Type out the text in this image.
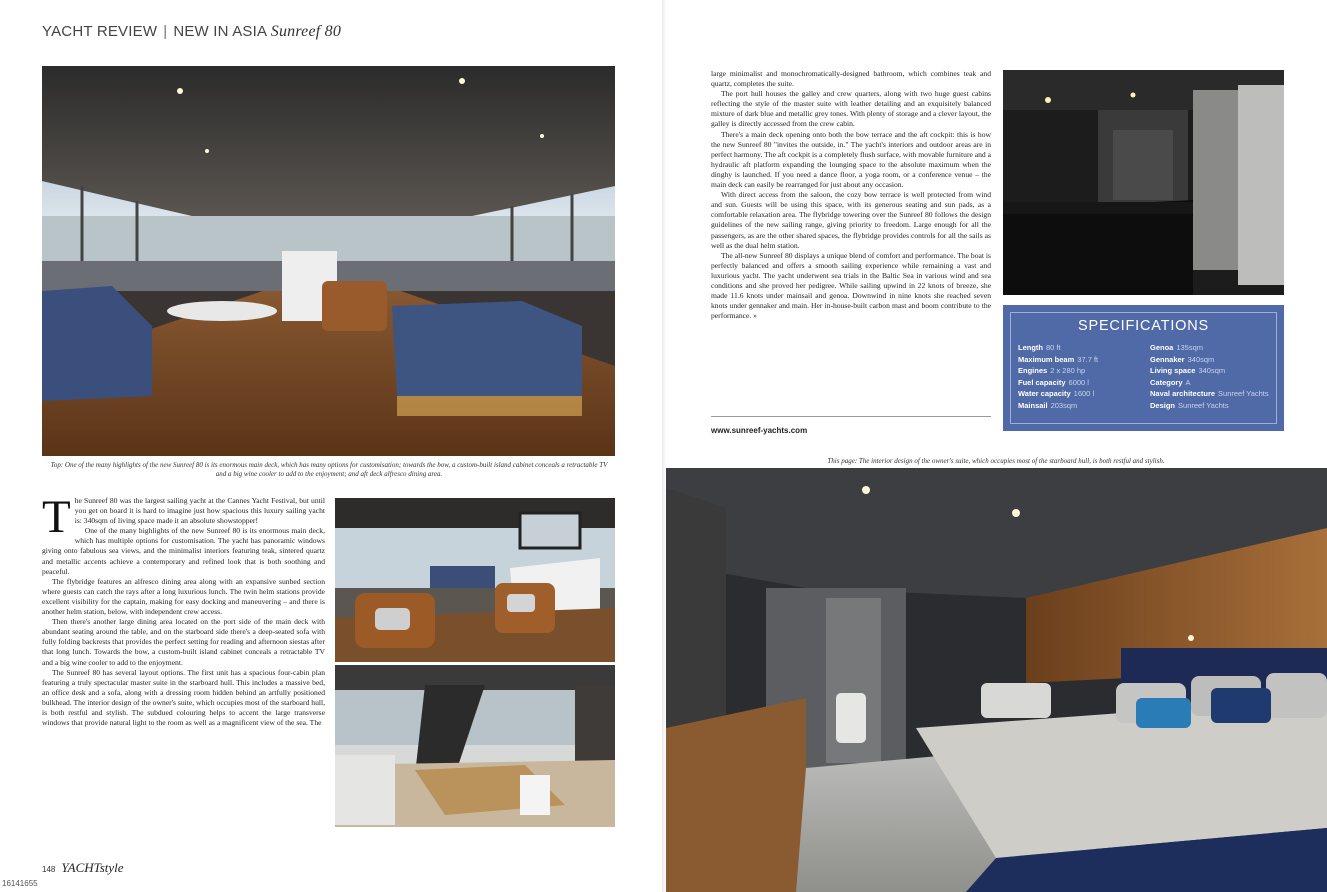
YACHT REVIEW | NEW IN ASIA Sunreef 80
Top: One of the many highlights of the new Sunreef 80 is its enormous main deck, which has many options for customisation; towards the bow, a custom-built island cabinet conceals a retractable TV and a big wine cooler to add to the enjoyment; and aft deck alfresco dining area.

The Sunreef 80 was the largest sailing yacht at the Cannes Yacht Festival, but until you get on board it is hard to imagine just how spacious this luxury sailing yacht is: 340sqm of living space made it an absolute showstopper!

One of the many highlights of the new Sunreef 80 is its enormous main deck, which has multiple options for customisation. The yacht has panoramic windows giving onto fabulous sea views, and the minimalist interiors featuring teak, sintered quartz and metallic accents achieve a contemporary and refined look that is both soothing and peaceful.

The flybridge features an alfresco dining area along with an expansive sunbed section where guests can catch the rays after a long luxurious lunch. The twin helm stations provide excellent visibility for the captain, making for easy docking and maneuvering – and there is another helm station, below, with independent crew access.

Then there's another large dining area located on the port side of the main deck with abundant seating around the table, and on the starboard side there's a deep-seated sofa with fully folding backrests that provides the perfect setting for reading and afternoon siestas after that long lunch. Towards the bow, a custom-built island cabinet conceals a retractable TV and a big wine cooler to add to the enjoyment.

The Sunreef 80 has several layout options. The first unit has a spacious four-cabin plan featuring a truly spectacular master suite in the starboard hull. This includes a massive bed, an office desk and a sofa, along with a dressing room hidden behind an artfully positioned bulkhead. The interior design of the owner's suite, which occupies most of the starboard hull, is both restful and stylish. The subdued colouring helps to accent the large transverse windows that provide natural light to the room as well as a magnificent view of the sea. The

148 YACHTstyle
16141655

large minimalist and monochromatically-designed bathroom, which combines teak and quartz, completes the suite.

The port hull houses the galley and crew quarters, along with two huge guest cabins reflecting the style of the master suite with leather detailing and an exquisitely balanced mixture of dark blue and metallic grey tones. With plenty of storage and a clever layout, the galley is directly accessed from the crew cabin.

There's a main deck opening onto both the bow terrace and the aft cockpit: this is how the new Sunreef 80 "invites the outside, in." The yacht's interiors and outdoor areas are in perfect harmony. The aft cockpit is a completely flush surface, with movable furniture and a hydraulic aft platform expanding the lounging space to the absolute maximum when the dinghy is launched. If you need a dance floor, a yoga room, or a conference venue – the main deck can easily be rearranged for just about any occasion.

With direct access from the saloon, the cozy bow terrace is well protected from wind and sun. Guests will be using this space, with its generous seating and sun pads, as a comfortable relaxation area. The flybridge towering over the Sunreef 80 follows the design guidelines of the new sailing range, giving priority to freedom. Large enough for all the passengers, as are the other shared spaces, the flybridge provides controls for all the sails as well as the dual helm station.

The all-new Sunreef 80 displays a unique blend of comfort and performance. The boat is perfectly balanced and offers a smooth sailing experience while remaining a vast and luxurious yacht. The yacht underwent sea trials in the Baltic Sea in various wind and sea conditions and she proved her pedigree. While sailing upwind in 22 knots of breeze, she made 11.6 knots under mainsail and genoa. Downwind in nine knots she reached seven knots under gennaker and main. Her in-house-built carbon mast and boom contribute to the performance. »

www.sunreef-yachts.com
SPECIFICATIONS
Length 80 ft
Maximum beam 37.7 ft
Engines 2 x 280 hp
Fuel capacity 6000 l
Water capacity 1600 l
Mainsail 203sqm
Genoa 135sqm
Gennaker 340sqm
Living space 340sqm
Category A
Naval architecture Sunreef Yachts
Design Sunreef Yachts
This page: The interior design of the owner's suite, which occupies most of the starboard hull, is both restful and stylish.
